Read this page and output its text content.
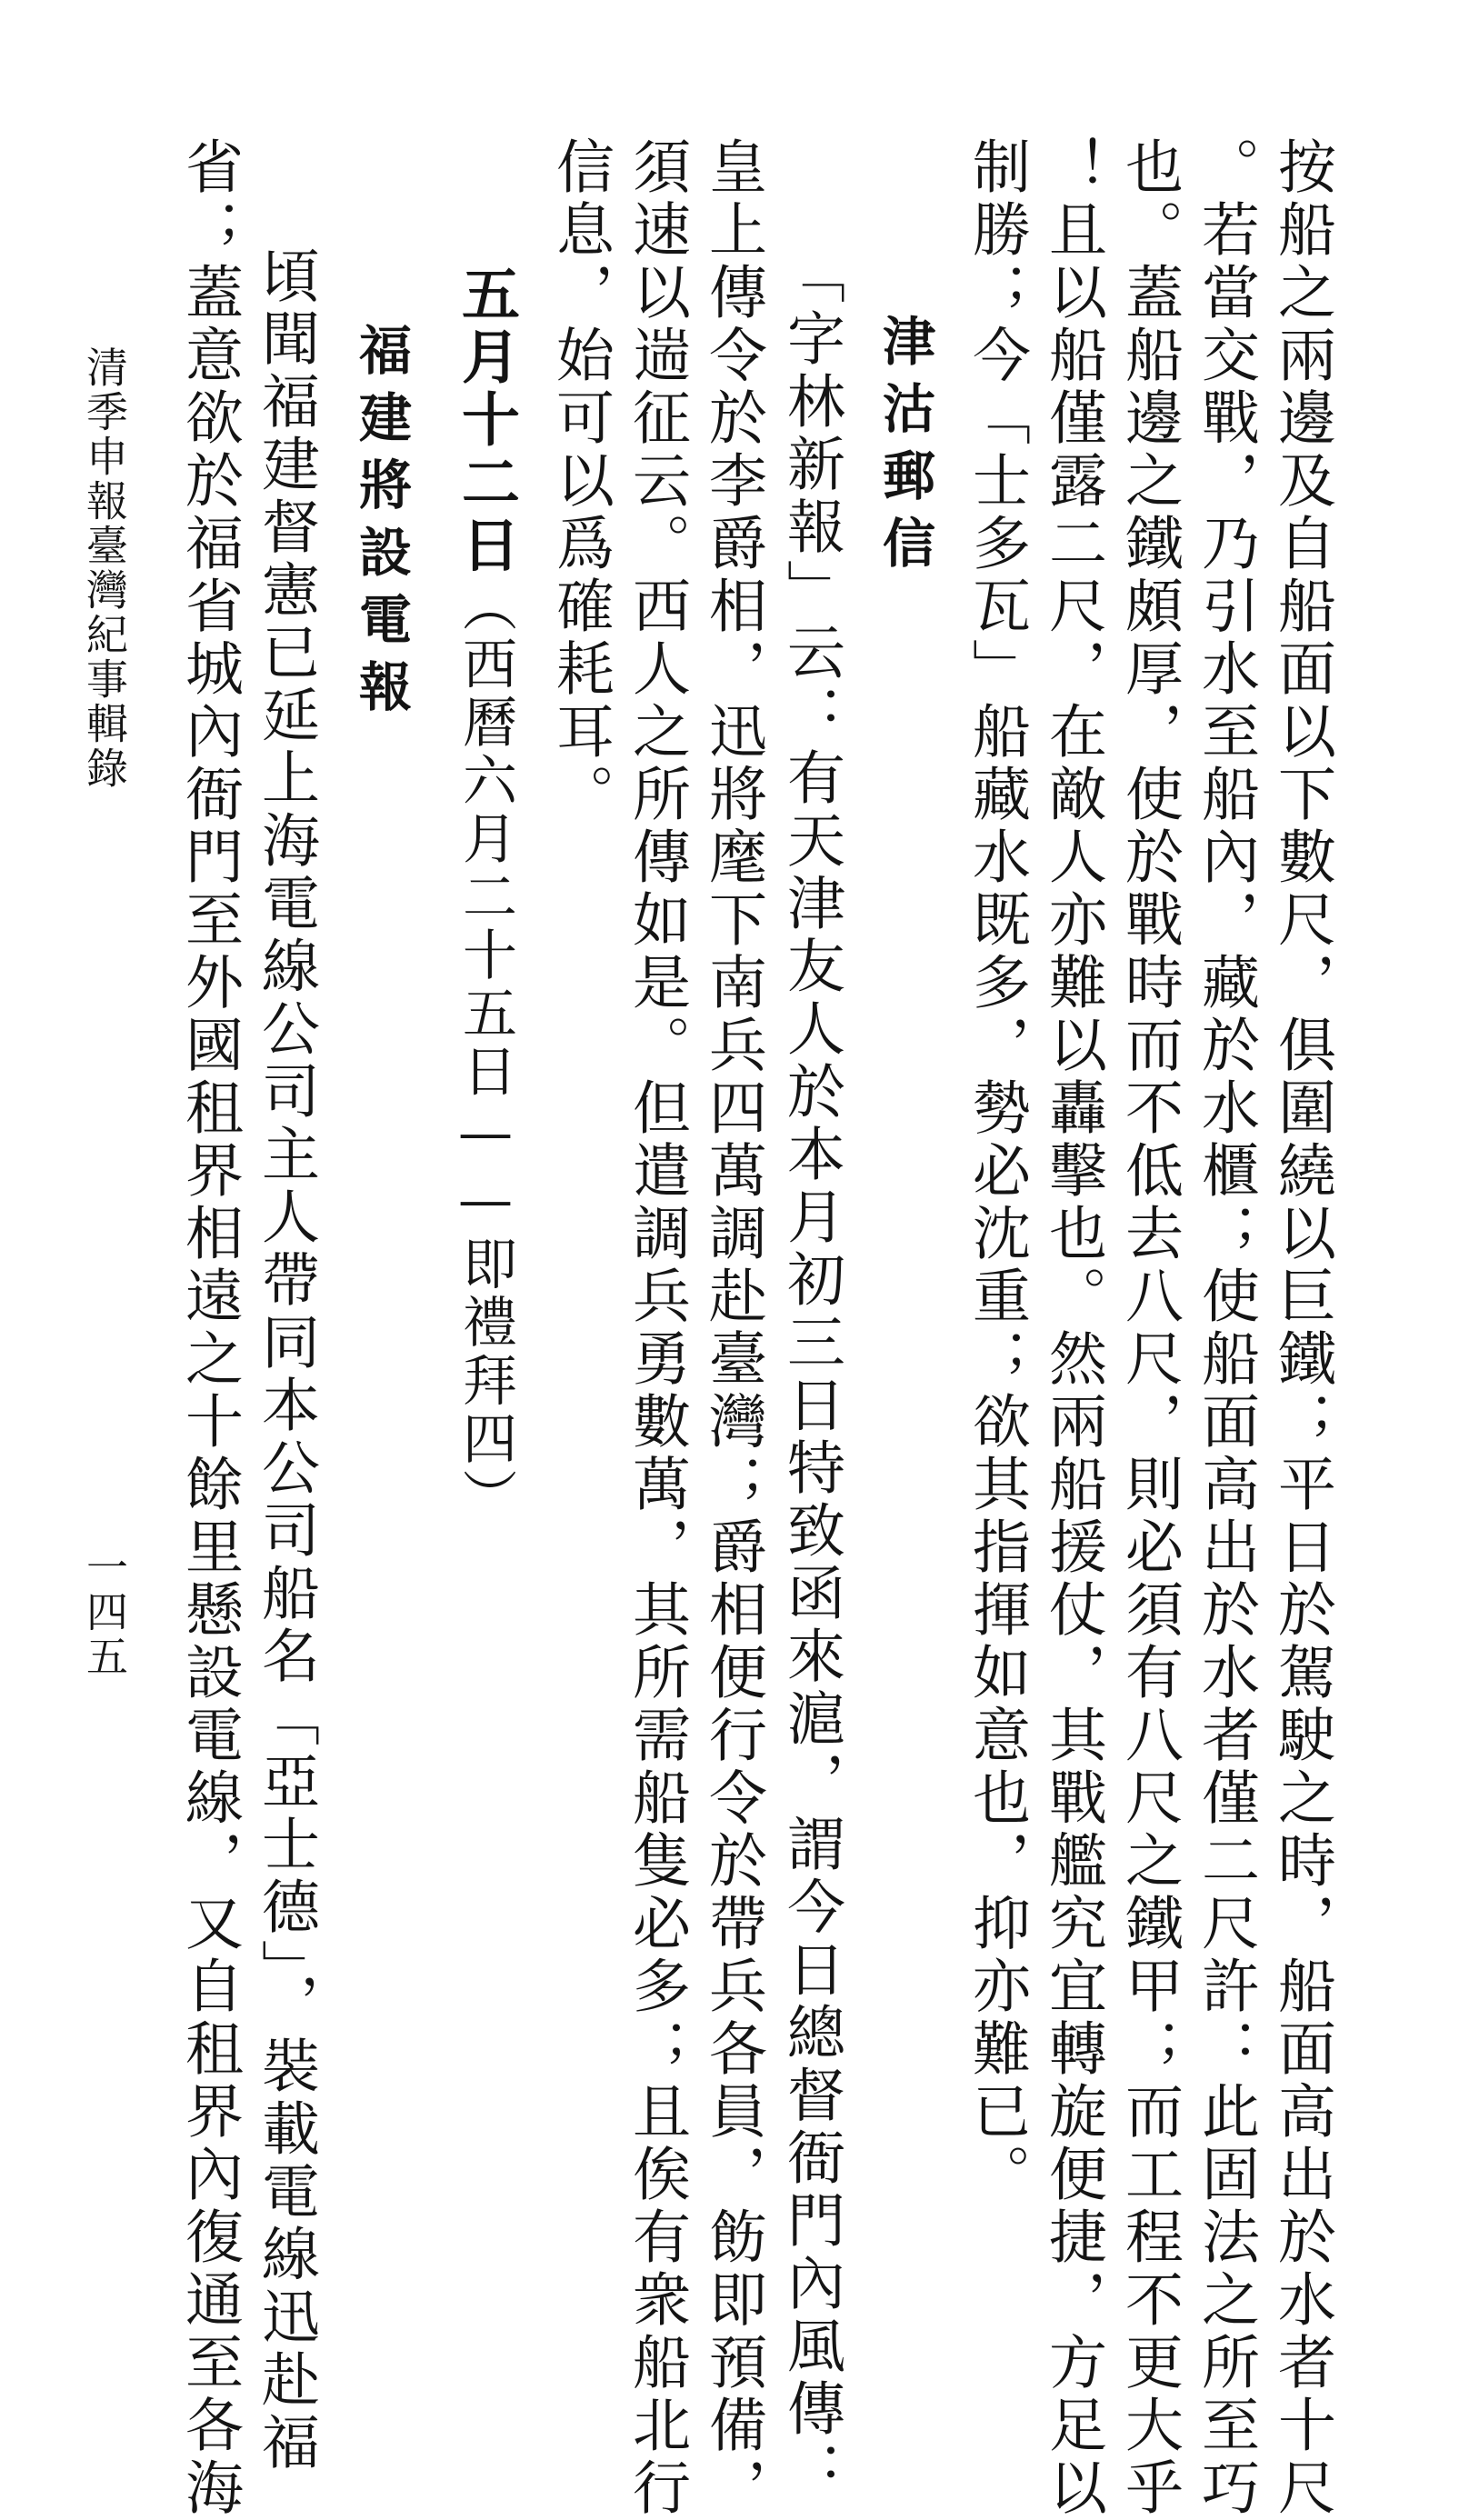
按船之兩邊及自船面以下數尺，俱圍繞以巨鐵；平日於駕駛之時，船面高出於水者十尺
。若當交戰，乃引水至船內，藏於水櫃；使船面高出於水者僅二尺許：此固法之所至巧
也。蓋船邊之鐵頗厚，使於戰時而不低去八尺，則必須有八尺之鐵甲；而工程不更大乎
！且以船僅露二尺，在敵人亦難以轟擊也。然兩船援仗，其戰艦究宜轉旋便捷，方足以
制勝；今「士多瓦」船藏水既多，勢必沈重；欲其指揮如意也，抑亦難已。
津沽郵信
「字林新報」云：有天津友人於本月初三日特致函來滬，謂今日總督衙門內風傳：
皇上傳令於李爵相，迅將麾下南兵四萬調赴臺灣；爵相便行令於帶兵各員，飭即預備，
須速以遄征云。西人之所傳如是。但遣調兵勇數萬，其所需船隻必多；且俟有衆船北行
信息，始可以爲確耗耳。
五月十二日（西曆六月二十五日——即禮拜四）
福建將設電報
頃聞福建督憲已延上海電線公司主人帶同本公司船名「亞士德」，裝載電線迅赴福
省；蓋意欲於福省城內衙門至外國租界相遠之十餘里懸設電線，又自租界內復通至各海
清季申報臺灣紀事輯錄
一四五
